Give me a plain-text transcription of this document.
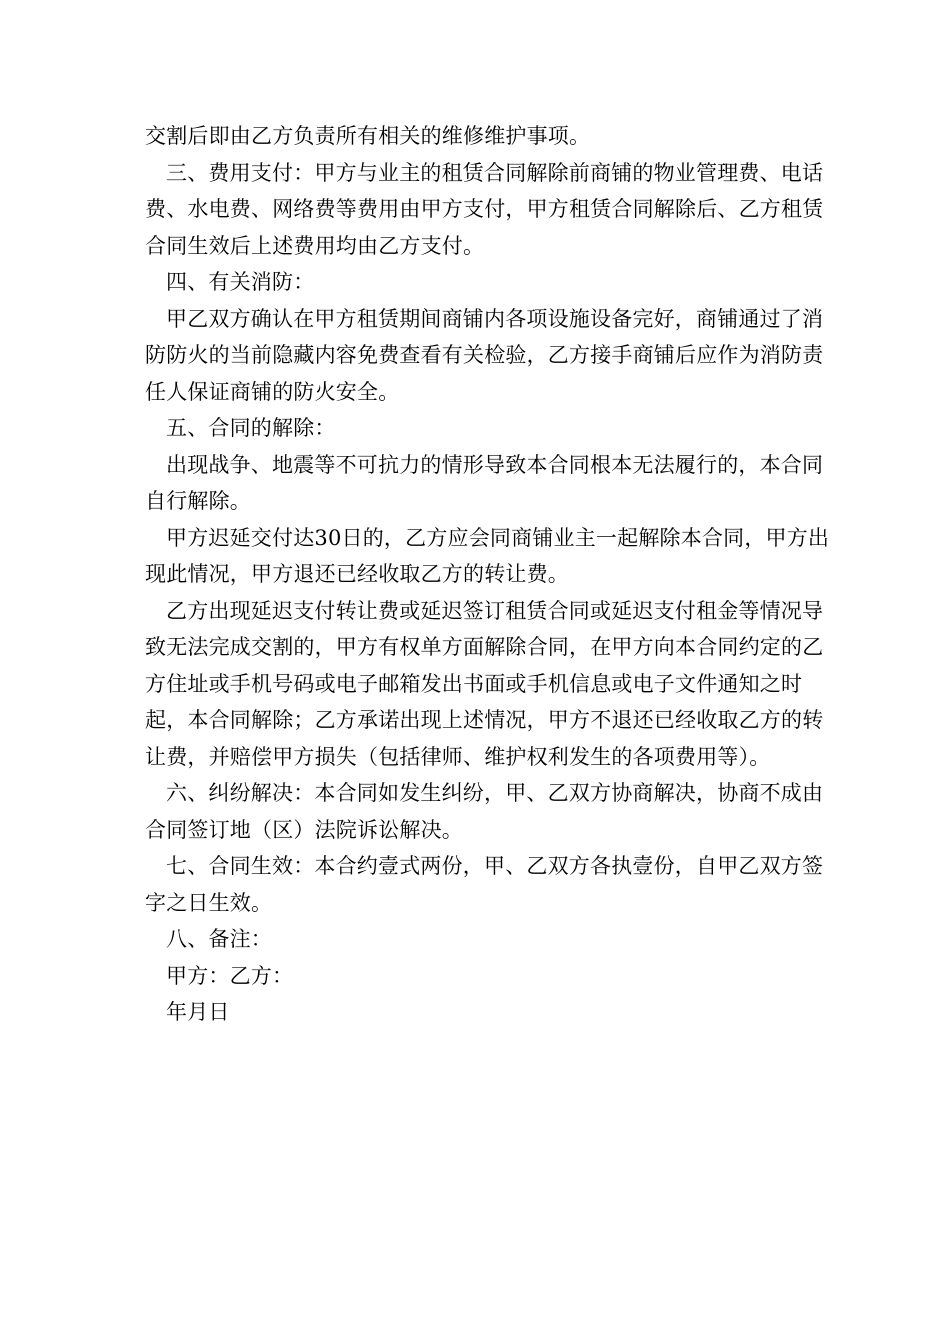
交割后即由乙方负责所有相关的维修维护事项。

三、费用支付：甲方与业主的租赁合同解除前商铺的物业管理费、电话费、水电费、网络费等费用由甲方支付，甲方租赁合同解除后、乙方租赁合同生效后上述费用均由乙方支付。

四、有关消防：

甲乙双方确认在甲方租赁期间商铺内各项设施设备完好，商铺通过了消防防火的当前隐藏内容免费查看有关检验，乙方接手商铺后应作为消防责任人保证商铺的防火安全。

五、合同的解除：

出现战争、地震等不可抗力的情形导致本合同根本无法履行的，本合同自行解除。

甲方迟延交付达30日的，乙方应会同商铺业主一起解除本合同，甲方出现此情况，甲方退还已经收取乙方的转让费。

乙方出现延迟支付转让费或延迟签订租赁合同或延迟支付租金等情况导致无法完成交割的，甲方有权单方面解除合同，在甲方向本合同约定的乙方住址或手机号码或电子邮箱发出书面或手机信息或电子文件通知之时起，本合同解除；乙方承诺出现上述情况，甲方不退还已经收取乙方的转让费，并赔偿甲方损失（包括律师、维护权利发生的各项费用等）。

六、纠纷解决：本合同如发生纠纷，甲、乙双方协商解决，协商不成由合同签订地（区）法院诉讼解决。

七、合同生效：本合约壹式两份，甲、乙双方各执壹份，自甲乙双方签字之日生效。

八、备注：

甲方：乙方：

年月日
